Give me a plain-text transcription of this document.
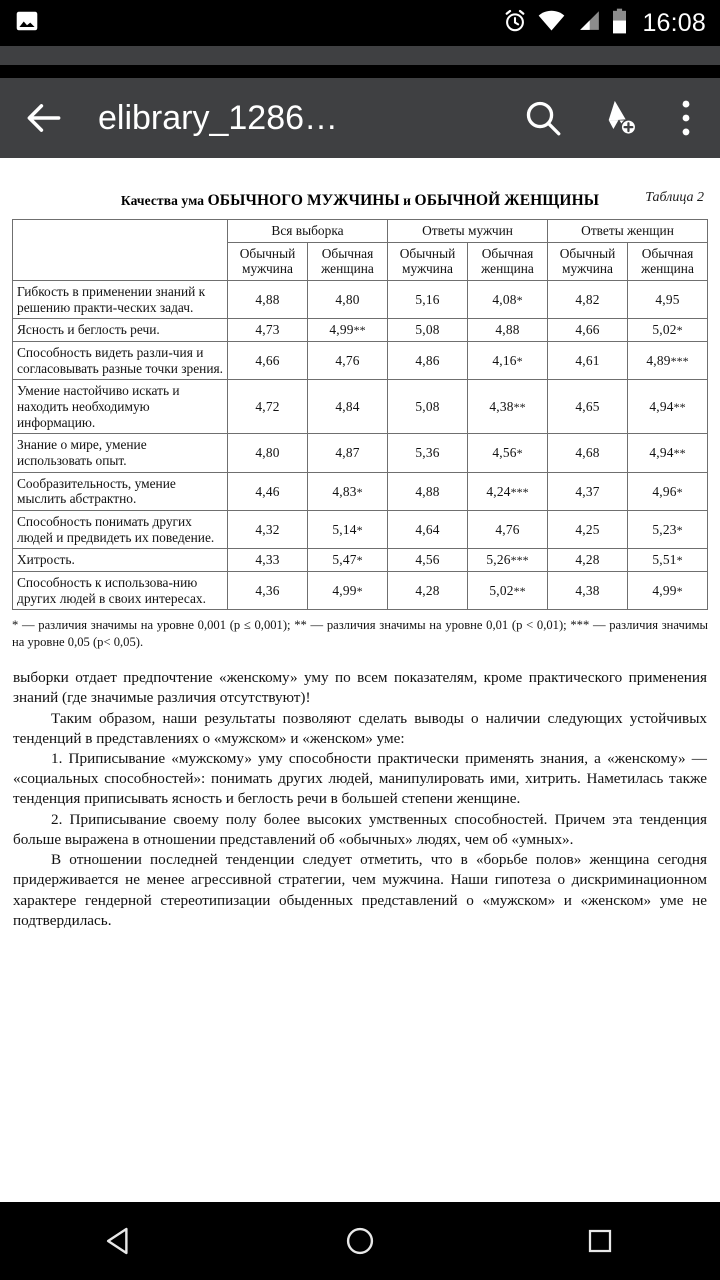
16:08
elibrary_1286…
Таблица 2
Качества ума ОБЫЧНОГО МУЖЧИНЫ и ОБЫЧНОЙ ЖЕНЩИНЫ
	Вся выборка		Ответы мужчин		Ответы женщин	
	Обычный мужчина	Обычная женщина	Обычный мужчина	Обычная женщина	Обычный мужчина	Обычная женщина
Гибкость в применении знаний к решению практи-ческих задач.	4,88	4,80	5,16	4,08*	4,82	4,95
Ясность и беглость речи.	4,73	4,99**	5,08	4,88	4,66	5,02*
Способность видеть разли-чия и согласовывать разные точки зрения.	4,66	4,76	4,86	4,16*	4,61	4,89***
Умение настойчиво искать и находить необходимую информацию.	4,72	4,84	5,08	4,38**	4,65	4,94**
Знание о мире, умение использовать опыт.	4,80	4,87	5,36	4,56*	4,68	4,94**
Сообразительность, умение мыслить абстрактно.	4,46	4,83*	4,88	4,24***	4,37	4,96*
Способность понимать других людей и предвидеть их поведение.	4,32	5,14*	4,64	4,76	4,25	5,23*
Хитрость.	4,33	5,47*	4,56	5,26***	4,28	5,51*
Способность к использова-нию других людей в своих интересах.	4,36	4,99*	4,28	5,02**	4,38	4,99*
* — различия значимы на уровне 0,001 (p ≤ 0,001); ** — различия значимы на уровне 0,01 (p < 0,01); *** — различия значимы на уровне 0,05 (p< 0,05).

выборки отдает предпочтение «женскому» уму по всем показателям, кроме практического применения знаний (где значимые различия отсутствуют)!

Таким образом, наши результаты позволяют сделать выводы о наличии следующих устойчивых тенденций в представлениях о «мужском» и «женском» уме:

1. Приписывание «мужскому» уму способности практически применять знания, а «женскому» — «социальных способностей»: понимать других людей, манипулировать ими, хитрить. Наметилась также тенденция приписывать ясность и беглость речи в большей степени женщине.

2. Приписывание своему полу более высоких умственных способностей. Причем эта тенденция больше выражена в отношении представлений об «обычных» людях, чем об «умных».

В отношении последней тенденции следует отметить, что в «борьбе полов» женщина сегодня придерживается не менее агрессивной стратегии, чем мужчина. Наши гипотеза о дискриминационном характере гендерной стереотипизации обыденных представлений о «мужском» и «женском» уме не подтвердилась.
